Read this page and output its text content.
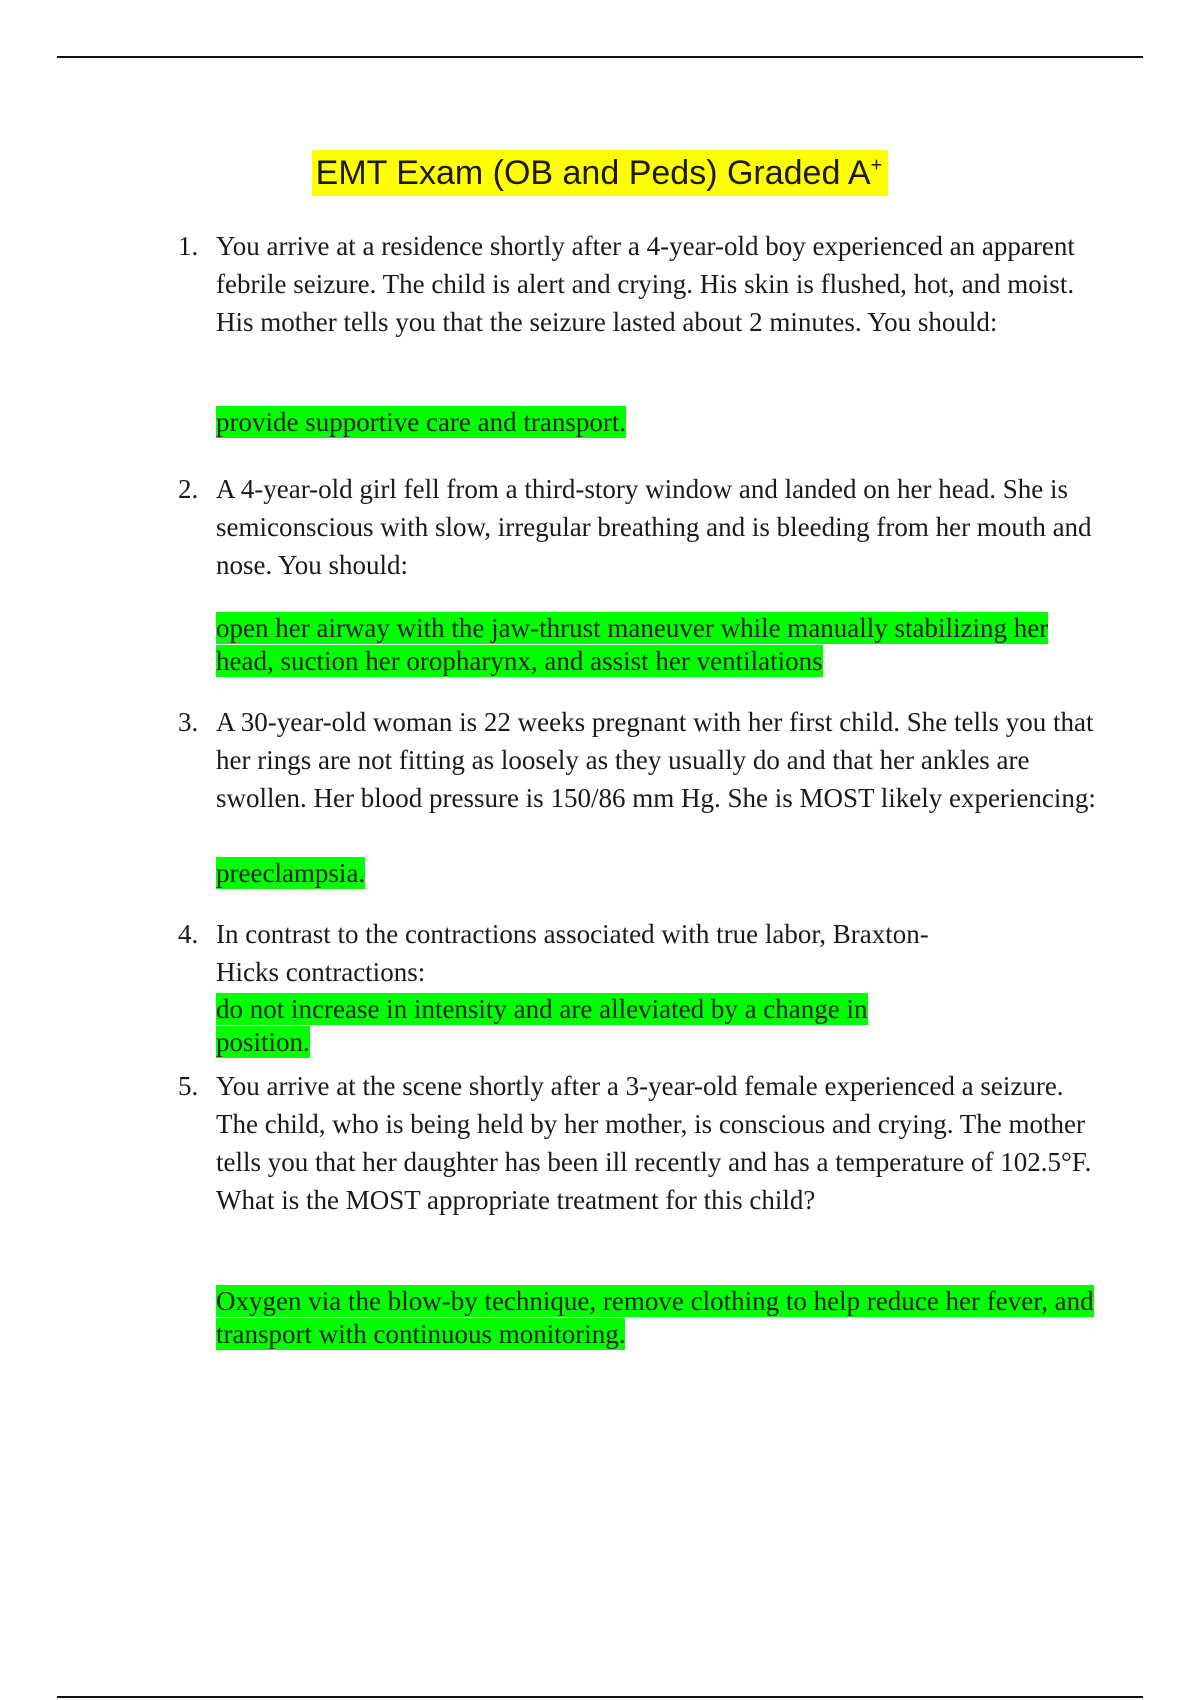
EMT Exam (OB and Peds) Graded A+
1. You arrive at a residence shortly after a 4-year-old boy experienced an apparent febrile seizure. The child is alert and crying. His skin is flushed, hot, and moist. His mother tells you that the seizure lasted about 2 minutes. You should:
provide supportive care and transport.
2. A 4-year-old girl fell from a third-story window and landed on her head. She is semiconscious with slow, irregular breathing and is bleeding from her mouth and nose. You should:
open her airway with the jaw-thrust maneuver while manually stabilizing her head, suction her oropharynx, and assist her ventilations
3. A 30-year-old woman is 22 weeks pregnant with her first child. She tells you that her rings are not fitting as loosely as they usually do and that her ankles are swollen. Her blood pressure is 150/86 mm Hg. She is MOST likely experiencing:
preeclampsia.
4. In contrast to the contractions associated with true labor, Braxton-Hicks contractions:
do not increase in intensity and are alleviated by a change in position.
5. You arrive at the scene shortly after a 3-year-old female experienced a seizure. The child, who is being held by her mother, is conscious and crying. The mother tells you that her daughter has been ill recently and has a temperature of 102.5°F. What is the MOST appropriate treatment for this child?
Oxygen via the blow-by technique, remove clothing to help reduce her fever, and transport with continuous monitoring.
